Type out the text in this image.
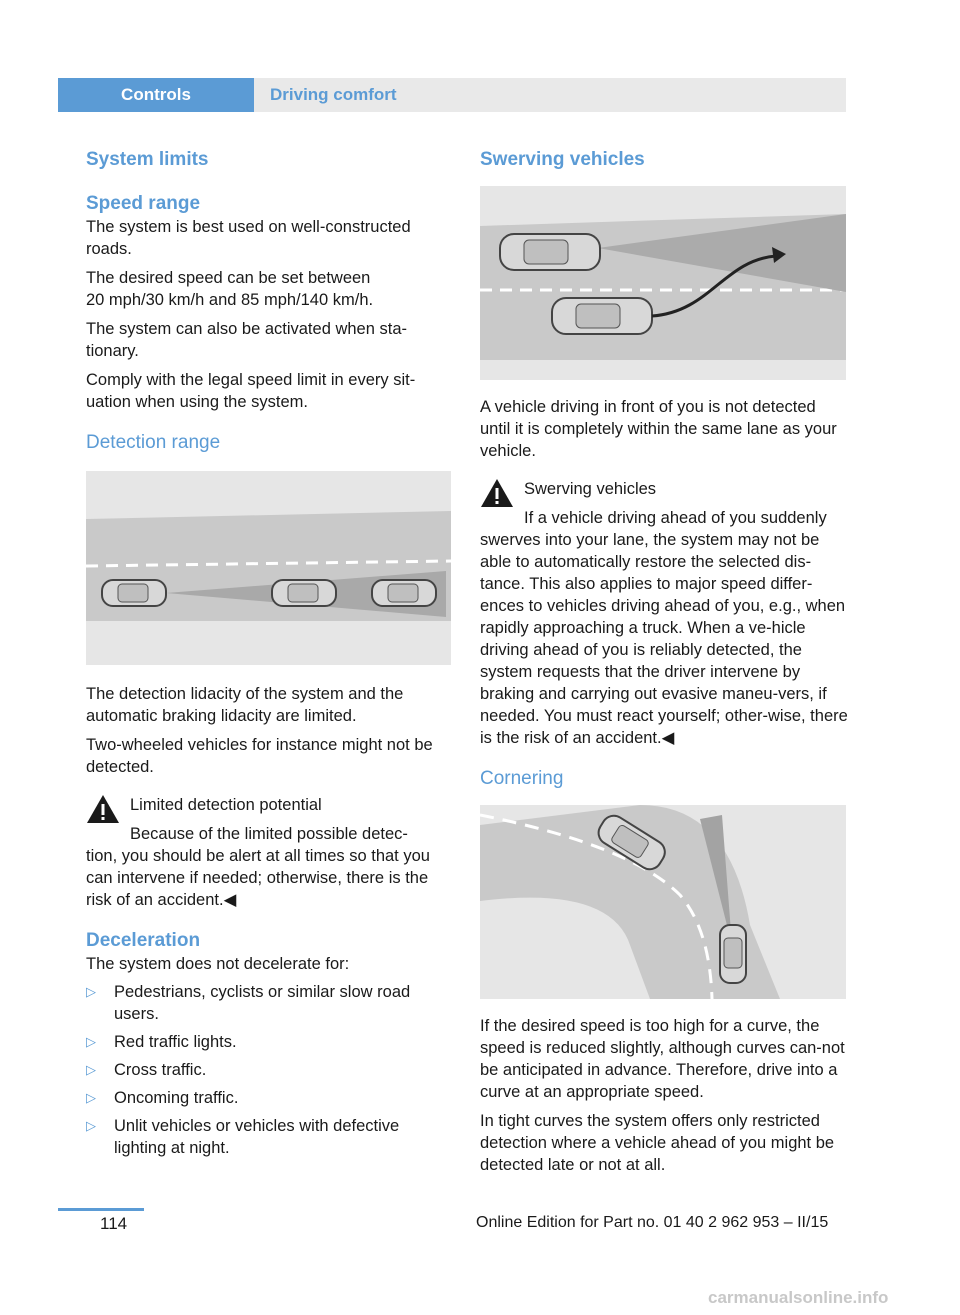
Controls	Driving comfort
System limits
Speed range

The system is best used on well-constructed roads.

The desired speed can be set between
20 mph/30 km/h and 85 mph/140 km/h.

The system can also be activated when sta-tionary.

Comply with the legal speed limit in every sit-uation when using the system.

Detection range

The detection lidacity of the system and the automatic braking lidacity are limited.

Two-wheeled vehicles for instance might not be detected.

Limited detection potential

Because of the limited possible detec-

tion, you should be alert at all times so that you can intervene if needed; otherwise, there is the risk of an accident.◀

Deceleration

The system does not decelerate for:

▷ Pedestrians, cyclists or similar slow road users.
▷ Red traffic lights.
▷ Cross traffic.
▷ Oncoming traffic.
▷ Unlit vehicles or vehicles with defective lighting at night.
Swerving vehicles

A vehicle driving in front of you is not detected until it is completely within the same lane as your vehicle.

Swerving vehicles

If a vehicle driving ahead of you suddenly

swerves into your lane, the system may not be able to automatically restore the selected dis-tance. This also applies to major speed differ-ences to vehicles driving ahead of you, e.g., when rapidly approaching a truck. When a ve-hicle driving ahead of you is reliably detected, the system requests that the driver intervene by braking and carrying out evasive maneu-vers, if needed. You must react yourself; other-wise, there is the risk of an accident.◀

Cornering

If the desired speed is too high for a curve, the speed is reduced slightly, although curves can-not be anticipated in advance. Therefore, drive into a curve at an appropriate speed.

In tight curves the system offers only restricted detection where a vehicle ahead of you might be detected late or not at all.

114	Online Edition for Part no. 01 40 2 962 953 – II/15
carmanualsonline.info
